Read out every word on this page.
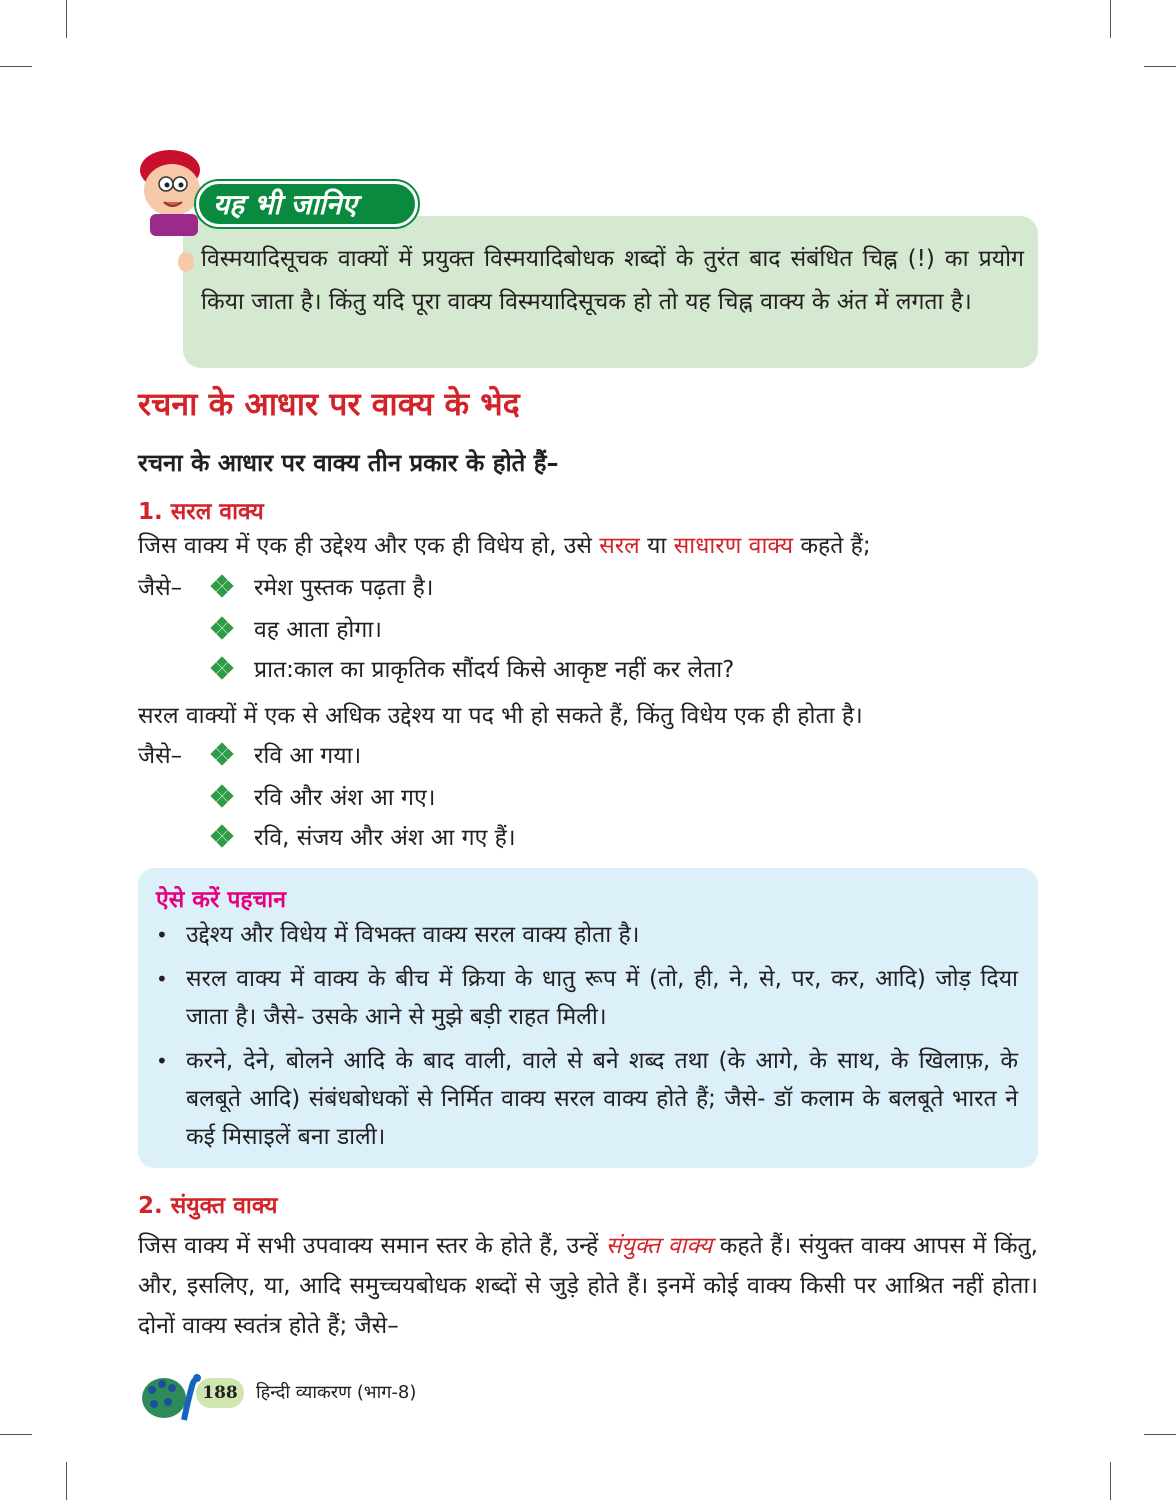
विस्मयादिसूचक वाक्यों में प्रयुक्त विस्मयादिबोधक शब्दों के तुरंत बाद संबंधित चिह्न (!) का प्रयोग किया जाता है। किंतु यदि पूरा वाक्य विस्मयादिसूचक हो तो यह चिह्न वाक्य के अंत में लगता है।

यह भी जानिए
रचना के आधार पर वाक्य के भेद
रचना के आधार पर वाक्य तीन प्रकार के होते हैं–
1. सरल वाक्य

जिस वाक्य में एक ही उद्देश्य और एक ही विधेय हो, उसे सरल या साधारण वाक्य कहते हैं;

जैसे–	रमेश पुस्तक पढ़ता है।

वह आता होगा।

प्रात:काल का प्राकृतिक सौंदर्य किसे आकृष्ट नहीं कर लेता?

सरल वाक्यों में एक से अधिक उद्देश्य या पद भी हो सकते हैं, किंतु विधेय एक ही होता है।

जैसे–	रवि आ गया।

रवि और अंश आ गए।

रवि, संजय और अंश आ गए हैं।

ऐसे करें पहचान

• उद्देश्य और विधेय में विभक्त वाक्य सरल वाक्य होता है।

• सरल वाक्य में वाक्य के बीच में क्रिया के धातु रूप में (तो, ही, ने, से, पर, कर, आदि) जोड़ दिया जाता है। जैसे- उसके आने से मुझे बड़ी राहत मिली।

• करने, देने, बोलने आदि के बाद वाली, वाले से बने शब्द तथा (के आगे, के साथ, के खिलाफ़, के बलबूते आदि) संबंधबोधकों से निर्मित वाक्य सरल वाक्य होते हैं; जैसे- डॉ कलाम के बलबूते भारत ने कई मिसाइलें बना डाली।

2. संयुक्त वाक्य

जिस वाक्य में सभी उपवाक्य समान स्तर के होते हैं, उन्हें संयुक्त वाक्य कहते हैं। संयुक्त वाक्य आपस में किंतु, और, इसलिए, या, आदि समुच्चयबोधक शब्दों से जुड़े होते हैं। इनमें कोई वाक्य किसी पर आश्रित नहीं होता। दोनों वाक्य स्वतंत्र होते हैं; जैसे–

188	हिन्दी व्याकरण (भाग-8)
